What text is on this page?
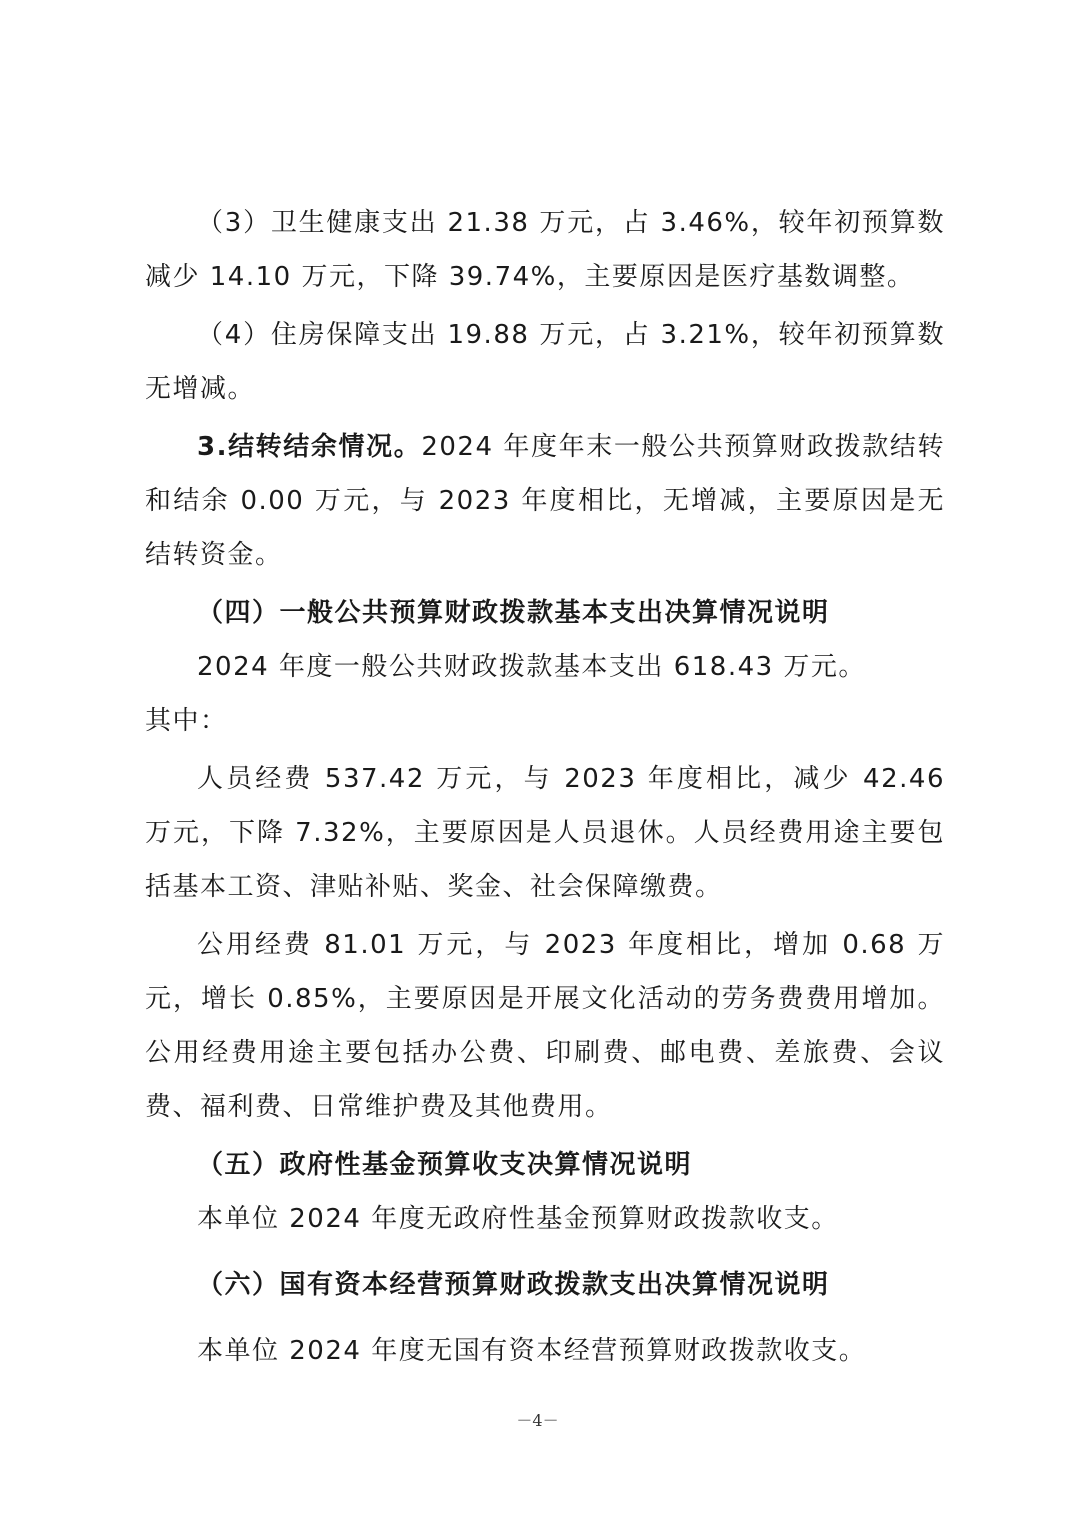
（3）卫生健康支出 21.38 万元，占 3.46%，较年初预算数减少 14.10 万元，下降 39.74%，主要原因是医疗基数调整。

（4）住房保障支出 19.88 万元，占 3.21%，较年初预算数无增减。

3.结转结余情况。2024 年度年末一般公共预算财政拨款结转和结余 0.00 万元，与 2023 年度相比，无增减，主要原因是无结转资金。

（四）一般公共预算财政拨款基本支出决算情况说明

2024 年度一般公共财政拨款基本支出 618.43 万元。

其中：

人员经费 537.42 万元，与 2023 年度相比，减少 42.46 万元，下降 7.32%，主要原因是人员退休。人员经费用途主要包括基本工资、津贴补贴、奖金、社会保障缴费。

公用经费 81.01 万元，与 2023 年度相比，增加 0.68 万元，增长 0.85%，主要原因是开展文化活动的劳务费费用增加。公用经费用途主要包括办公费、印刷费、邮电费、差旅费、会议费、福利费、日常维护费及其他费用。

（五）政府性基金预算收支决算情况说明

本单位 2024 年度无政府性基金预算财政拨款收支。

（六）国有资本经营预算财政拨款支出决算情况说明

本单位 2024 年度无国有资本经营预算财政拨款收支。

－4－
